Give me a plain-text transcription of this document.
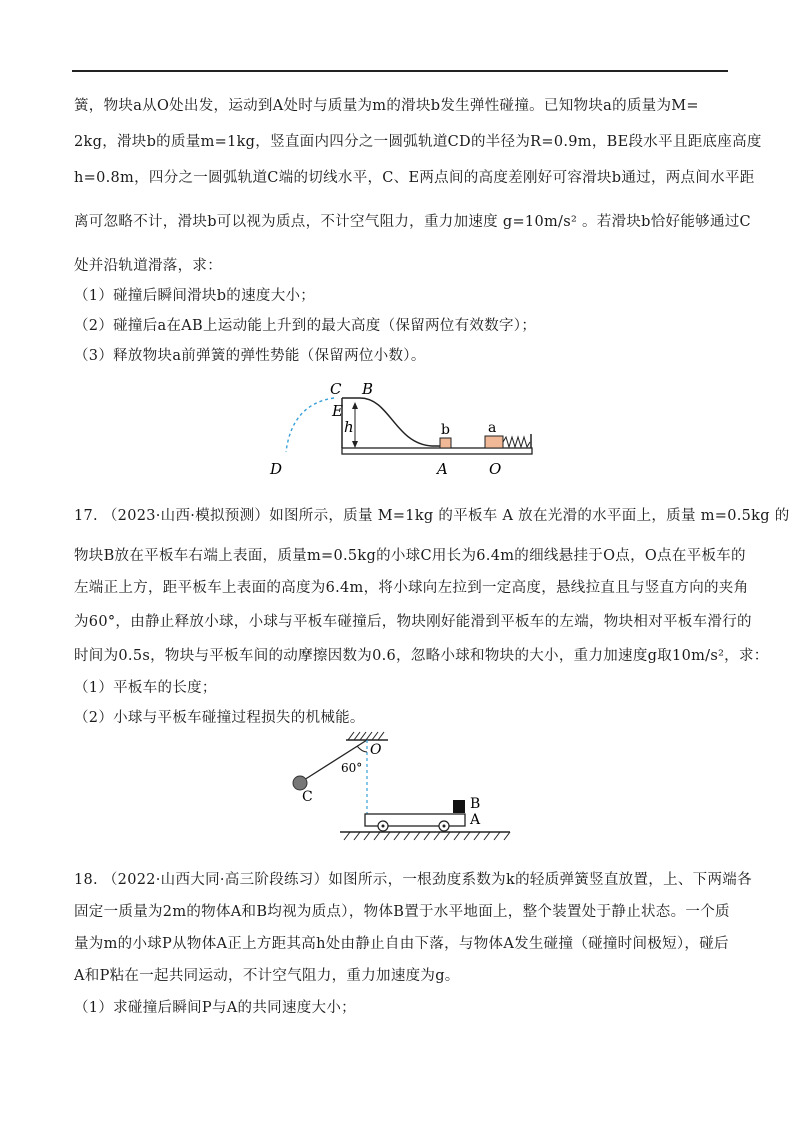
簧，物块a从O处出发，运动到A处时与质量为m的滑块b发生弹性碰撞。已知物块a的质量为M=
2kg，滑块b的质量m=1kg，竖直面内四分之一圆弧轨道CD的半径为R=0.9m，BE段水平且距底座高度
h=0.8m，四分之一圆弧轨道C端的切线水平，C、E两点间的高度差刚好可容滑块b通过，两点间水平距
离可忽略不计，滑块b可以视为质点，不计空气阻力，重力加速度 g=10m/s² 。若滑块b恰好能够通过C
处并沿轨道滑落，求：
（1）碰撞后瞬间滑块b的速度大小；
（2）碰撞后a在AB上运动能上升到的最大高度（保留两位有效数字）；
（3）释放物块a前弹簧的弹性势能（保留两位小数）。
C B
E
h
D	A	O
a
b
17. （2023·山西·模拟预测）如图所示，质量 M=1kg 的平板车 A 放在光滑的水平面上，质量 m=0.5kg 的
物块B放在平板车右端上表面，质量m=0.5kg的小球C用长为6.4m的细线悬挂于O点，O点在平板车的
左端正上方，距平板车上表面的高度为6.4m，将小球向左拉到一定高度，悬线拉直且与竖直方向的夹角
为60°，由静止释放小球，小球与平板车碰撞后，物块刚好能滑到平板车的左端，物块相对平板车滑行的
时间为0.5s，物块与平板车间的动摩擦因数为0.6，忽略小球和物块的大小，重力加速度g取10m/s²，求：
（1）平板车的长度；
（2）小球与平板车碰撞过程损失的机械能。
O
60°
C	B
A
18. （2022·山西大同·高三阶段练习）如图所示，一根劲度系数为k的轻质弹簧竖直放置，上、下两端各
固定一质量为2m的物体A和B均视为质点），物体B置于水平地面上，整个装置处于静止状态。一个质
量为m的小球P从物体A正上方距其高h处由静止自由下落，与物体A发生碰撞（碰撞时间极短），碰后
A和P粘在一起共同运动，不计空气阻力，重力加速度为g。
（1）求碰撞后瞬间P与A的共同速度大小；
